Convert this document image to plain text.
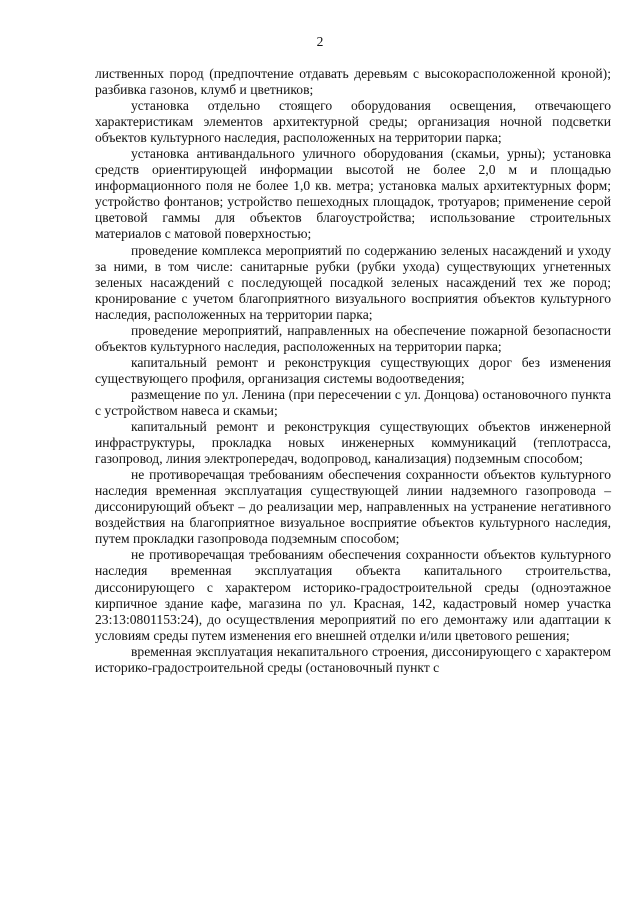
2

лиственных пород (предпочтение отдавать деревьям с высокорасположенной кроной); разбивка газонов, клумб и цветников;

установка отдельно стоящего оборудования освещения, отвечающего характеристикам элементов архитектурной среды; организация ночной подсветки объектов культурного наследия, расположенных на территории парка;

установка антивандального уличного оборудования (скамьи, урны); установка средств ориентирующей информации высотой не более 2,0 м и площадью информационного поля не более 1,0 кв. метра; установка малых архитектурных форм; устройство фонтанов; устройство пешеходных площадок, тротуаров; применение серой цветовой гаммы для объектов благоустройства; использование строительных материалов с матовой поверхностью;

проведение комплекса мероприятий по содержанию зеленых насаждений и уходу за ними, в том числе: санитарные рубки (рубки ухода) существующих угнетенных зеленых насаждений с последующей посадкой зеленых насаждений тех же пород; кронирование с учетом благоприятного визуального восприятия объектов культурного наследия, расположенных на территории парка;

проведение мероприятий, направленных на обеспечение пожарной безопасности объектов культурного наследия, расположенных на территории парка;

капитальный ремонт и реконструкция существующих дорог без изменения существующего профиля, организация системы водоотведения;

размещение по ул. Ленина (при пересечении с ул. Донцова) остановочного пункта с устройством навеса и скамьи;

капитальный ремонт и реконструкция существующих объектов инженерной инфраструктуры, прокладка новых инженерных коммуникаций (теплотрасса, газопровод, линия электропередач, водопровод, канализация) подземным способом;

не противоречащая требованиям обеспечения сохранности объектов культурного наследия временная эксплуатация существующей линии надземного газопровода – диссонирующий объект – до реализации мер, направленных на устранение негативного воздействия на благоприятное визуальное восприятие объектов культурного наследия, путем прокладки газопровода подземным способом;

не противоречащая требованиям обеспечения сохранности объектов культурного наследия временная эксплуатация объекта капитального строительства, диссонирующего с характером историко-градостроительной среды (одноэтажное кирпичное здание кафе, магазина по ул. Красная, 142, кадастровый номер участка 23:13:0801153:24), до осуществления мероприятий по его демонтажу или адаптации к условиям среды путем изменения его внешней отделки и/или цветового решения;

временная эксплуатация некапитального строения, диссонирующего с характером историко-градостроительной среды (остановочный пункт с
